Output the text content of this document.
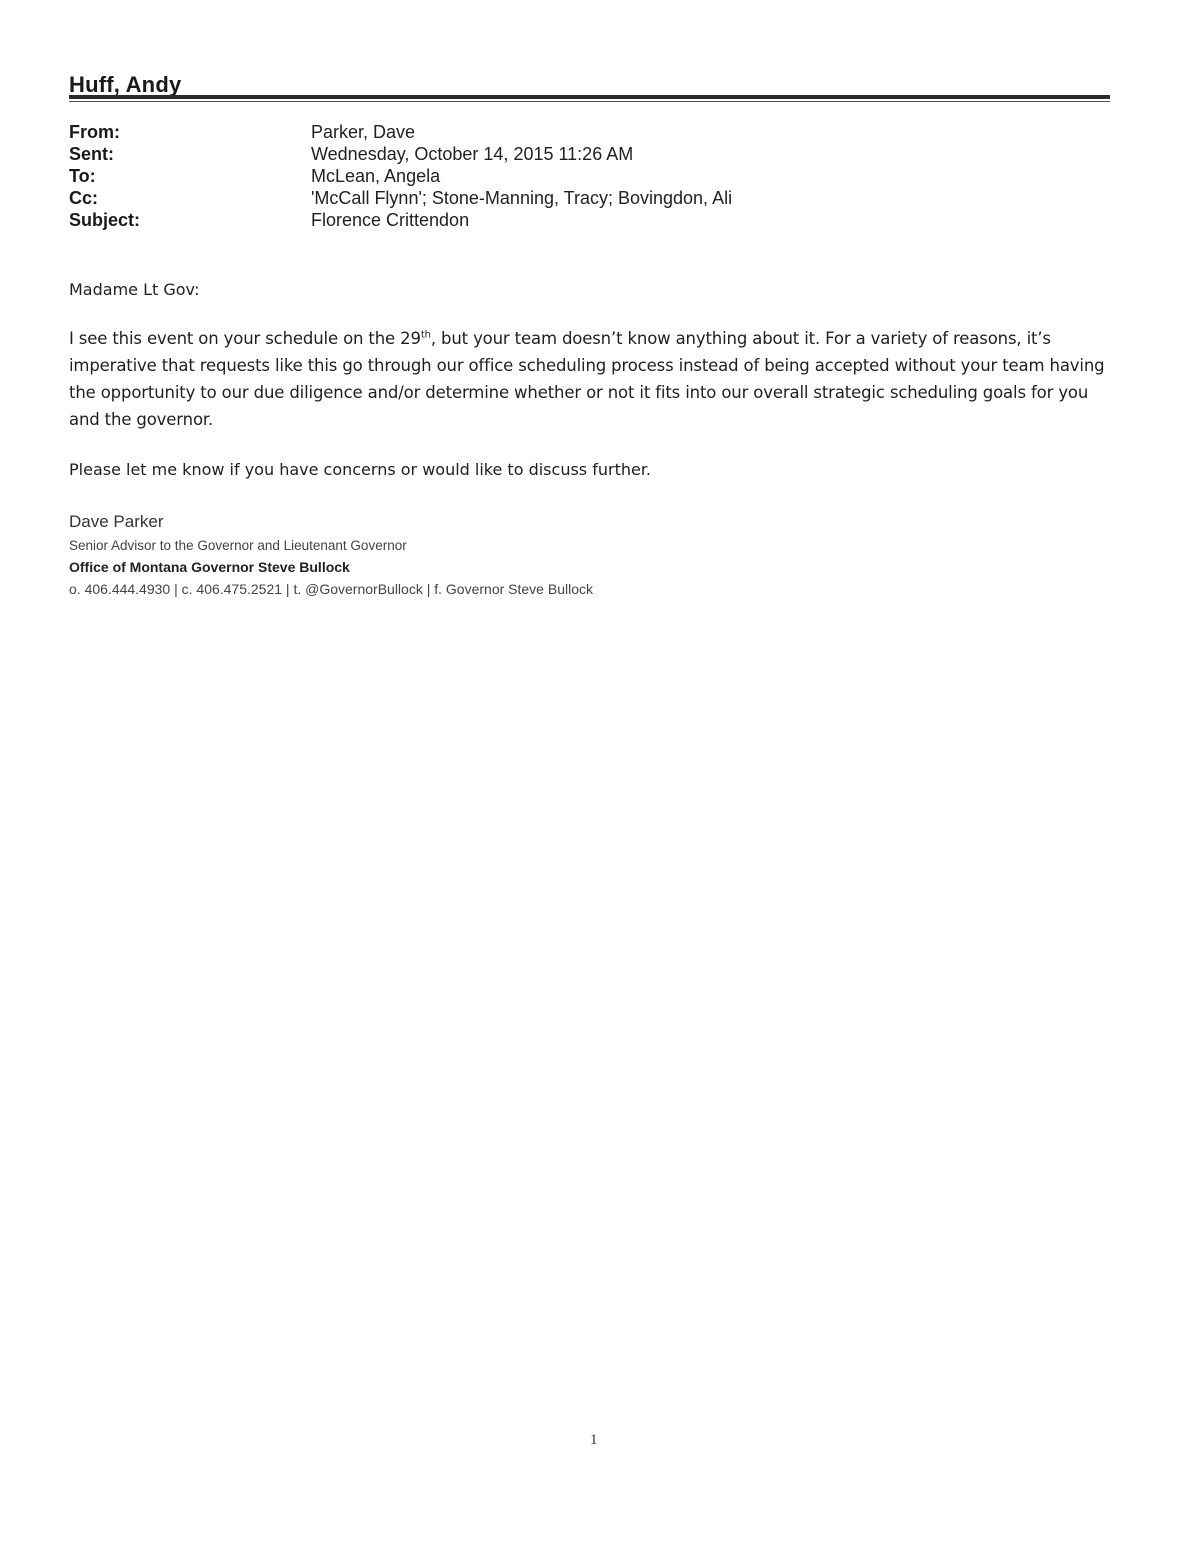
Huff, Andy
From:	Parker, Dave
Sent:	Wednesday, October 14, 2015 11:26 AM
To:	McLean, Angela
Cc:	'McCall Flynn'; Stone-Manning, Tracy; Bovingdon, Ali
Subject:	Florence Crittendon
Madame Lt Gov:
I see this event on your schedule on the 29th, but your team doesn’t know anything about it. For a variety of reasons, it’s imperative that requests like this go through our office scheduling process instead of being accepted without your team having the opportunity to our due diligence and/or determine whether or not it fits into our overall strategic scheduling goals for you and the governor.
Please let me know if you have concerns or would like to discuss further.
Dave Parker
Senior Advisor to the Governor and Lieutenant Governor
Office of Montana Governor Steve Bullock
o. 406.444.4930 | c. 406.475.2521 | t. @GovernorBullock | f. Governor Steve Bullock
1
